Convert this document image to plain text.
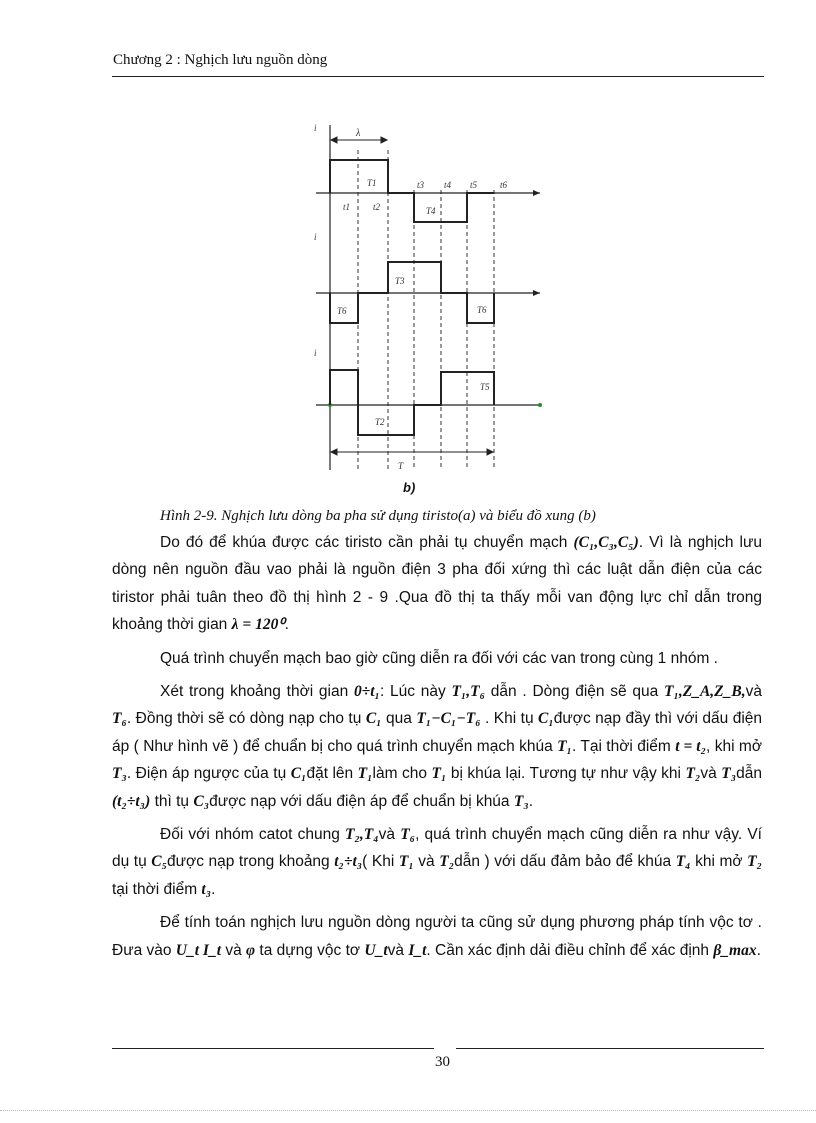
Chương 2 : Nghịch lưu nguồn dòng
i
i
i
λ
T
t1	t2
t3 t4 t5	t6
T1
T4
T6
T3
T6
T2
T5
b)
Hình 2-9. Nghịch lưu dòng ba pha sử dụng tiristo(a) và biểu đồ xung (b)

Do đó để khúa được các tiristo cần phải tụ chuyển mạch (C₁,C₃,C₅). Vì là nghịch lưu dòng nên nguồn đầu vao phải là nguồn điện 3 pha đối xứng thì các luật dẫn điện của các tiristor phải tuân theo đồ thị hình 2 - 9 .Qua đồ thị ta thấy mỗi van động lực chỉ dẫn trong khoảng thời gian λ = 120⁰.

Quá trình chuyển mạch bao giờ cũng diễn ra đối với các van trong cùng 1 nhóm .

Xét trong khoảng thời gian 0÷t₁: Lúc này T₁,T₆ dẫn . Dòng điện sẽ qua T₁,Z_A,Z_B,và T₆. Đồng thời sẽ có dòng nạp cho tụ C₁ qua T₁−C₁−T₆ . Khi tụ C₁được nạp đầy thì với dấu điện áp ( Như hình vẽ ) để chuẩn bị cho quá trình chuyển mạch khúa T₁. Tại thời điểm t = t₂, khi mở T₃. Điện áp ngược của tụ C₁đặt lên T₁làm cho T₁ bị khúa lại. Tương tự như vậy khi T₂và T₃dẫn (t₂÷t₃) thì tụ C₃được nạp với dấu điện áp để chuẩn bị khúa T₃.

Đối với nhóm catot chung T₂,T₄và T₆, quá trình chuyển mạch cũng diễn ra như vậy. Ví dụ tụ C₅được nạp trong khoảng t₂÷t₃( Khi T₁ và T₂dẫn ) với dấu đảm bảo để khúa T₄ khi mở T₂ tại thời điểm t₃.

Để tính toán nghịch lưu nguồn dòng người ta cũng sử dụng phương pháp tính vộc tơ . Đưa vào U_t I_t và φ ta dựng vộc tơ U_tvà I_t. Cần xác định dải điều chỉnh để xác định β_max.

30
